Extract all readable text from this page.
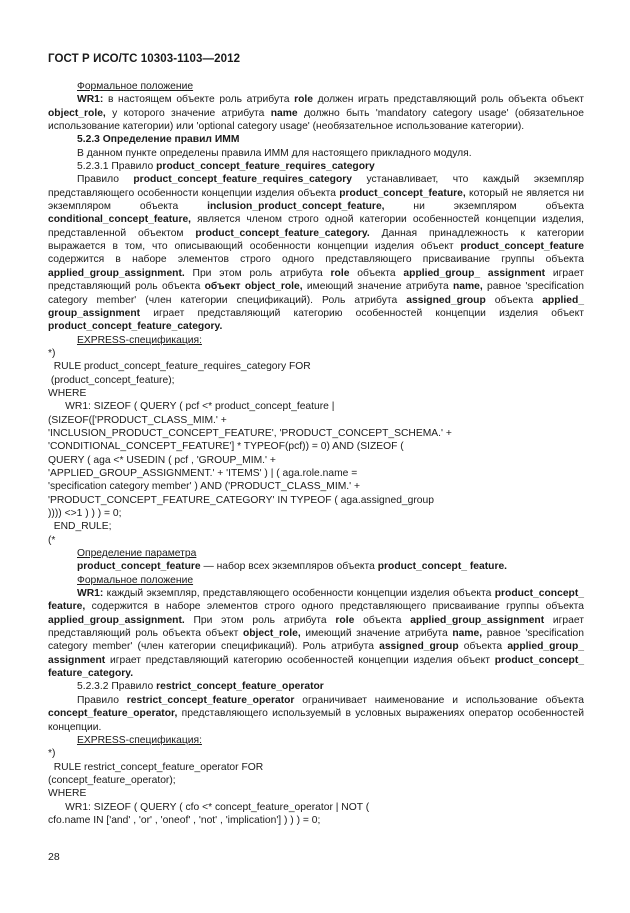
ГОСТ Р ИСО/ТС 10303-1103—2012

Формальное положение

WR1: в настоящем объекте роль атрибута role должен играть представляющий роль объекта объект object_role, у которого значение атрибута name должно быть 'mandatory category usage' (обязательное использование категории) или 'optional category usage' (необязательное использование категории).

5.2.3 Определение правил ИММ

В данном пункте определены правила ИММ для настоящего прикладного модуля.

5.2.3.1 Правило product_concept_feature_requires_category

Правило product_concept_feature_requires_category устанавливает, что каждый экземпляр представляющего особенности концепции изделия объекта product_concept_feature, который не является ни экземпляром объекта inclusion_product_concept_feature, ни экземпляром объекта conditional_concept_feature, является членом строго одной категории особенностей концепции изделия, представленной объектом product_concept_feature_category. Данная принадлежность к категории выражается в том, что описывающий особенности концепции изделия объект product_concept_feature содержится в наборе элементов строго одного представляющего присваивание группы объекта applied_group_assignment. При этом роль атрибута role объекта applied_group_ assignment играет представляющий роль объекта объект object_role, имеющий значение атрибута name, равное 'specification category member' (член категории спецификаций). Роль атрибута assigned_group объекта applied_ group_assignment играет представляющий категорию особенностей концепции изделия объект product_concept_feature_category.

EXPRESS-спецификация:

*)
RULE product_concept_feature_requires_category FOR
(product_concept_feature);
WHERE
WR1: SIZEOF ( QUERY ( pcf <* product_concept_feature |
(SIZEOF(['PRODUCT_CLASS_MIM.' +
'INCLUSION_PRODUCT_CONCEPT_FEATURE', 'PRODUCT_CONCEPT_SCHEMA.' +
'CONDITIONAL_CONCEPT_FEATURE'] * TYPEOF(pcf)) = 0) AND (SIZEOF (
QUERY ( aga <* USEDIN ( pcf , 'GROUP_MIM.' +
'APPLIED_GROUP_ASSIGNMENT.' + 'ITEMS' ) | ( aga.role.name =
'specification category member' ) AND ('PRODUCT_CLASS_MIM.' +
'PRODUCT_CONCEPT_FEATURE_CATEGORY' IN TYPEOF ( aga.assigned_group
)))) <>1 ) ) ) = 0;
END_RULE;
(*

Определение параметра

product_concept_feature — набор всех экземпляров объекта product_concept_ feature.

Формальное положение

WR1: каждый экземпляр, представляющего особенности концепции изделия объекта product_concept_ feature, содержится в наборе элементов строго одного представляющего присваивание группы объекта applied_group_assignment. При этом роль атрибута role объекта applied_group_assignment играет представляющий роль объекта объект object_role, имеющий значение атрибута name, равное 'specification category member' (член категории спецификаций). Роль атрибута assigned_group объекта applied_group_ assignment играет представляющий категорию особенностей концепции изделия объект product_concept_ feature_category.

5.2.3.2 Правило restrict_concept_feature_operator

Правило restrict_concept_feature_operator ограничивает наименование и использование объекта concept_feature_operator, представляющего используемый в условных выражениях оператор особенностей концепции.

EXPRESS-спецификация:

*)
RULE restrict_concept_feature_operator FOR
(concept_feature_operator);
WHERE
WR1: SIZEOF ( QUERY ( cfo <* concept_feature_operator | NOT (
cfo.name IN ['and' , 'or' , 'oneof' , 'not' , 'implication'] ) ) ) = 0;
28
